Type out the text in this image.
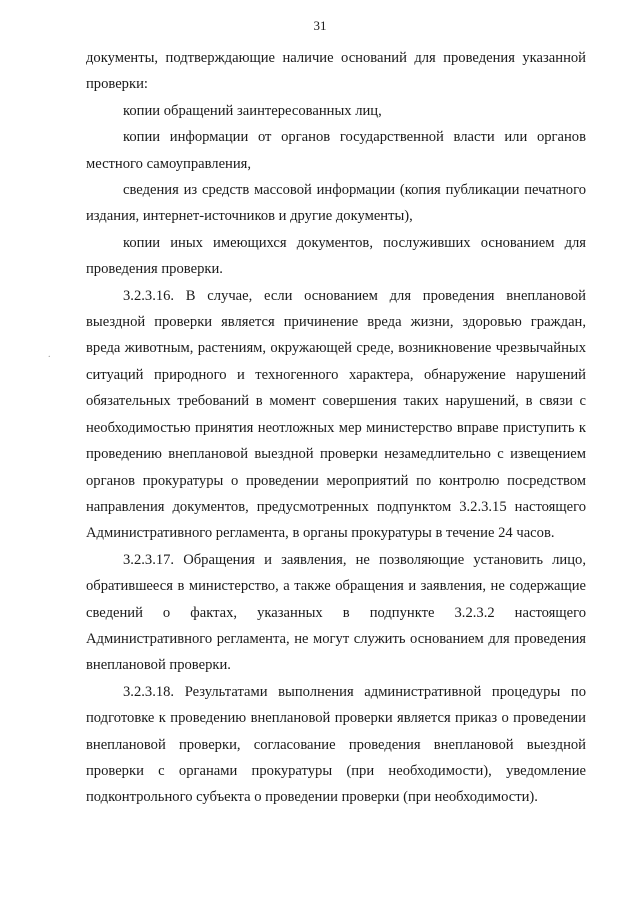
31
.

документы, подтверждающие наличие оснований для проведения указанной проверки:

копии обращений заинтересованных лиц,

копии информации от органов государственной власти или органов местного самоуправления,

сведения из средств массовой информации (копия публикации печатного издания, интернет-источников и другие документы),

копии иных имеющихся документов, послуживших основанием для проведения проверки.

3.2.3.16. В случае, если основанием для проведения внеплановой выездной проверки является причинение вреда жизни, здоровью граждан, вреда животным, растениям, окружающей среде, возникновение чрезвычайных ситуаций природного и техногенного характера, обнаружение нарушений обязательных требований в момент совершения таких нарушений, в связи с необходимостью принятия неотложных мер министерство вправе приступить к проведению внеплановой выездной проверки незамедлительно с извещением органов прокуратуры о проведении мероприятий по контролю посредством направления документов, предусмотренных подпунктом 3.2.3.15 настоящего Административного регламента, в органы прокуратуры в течение 24 часов.

3.2.3.17. Обращения и заявления, не позволяющие установить лицо, обратившееся в министерство, а также обращения и заявления, не содержащие сведений о фактах, указанных в подпункте 3.2.3.2 настоящего Административного регламента, не могут служить основанием для проведения внеплановой проверки.

3.2.3.18. Результатами выполнения административной процедуры по подготовке к проведению внеплановой проверки является приказ о проведении внеплановой проверки, согласование проведения внеплановой выездной проверки с органами прокуратуры (при необходимости), уведомление подконтрольного субъекта о проведении проверки (при необходимости).
